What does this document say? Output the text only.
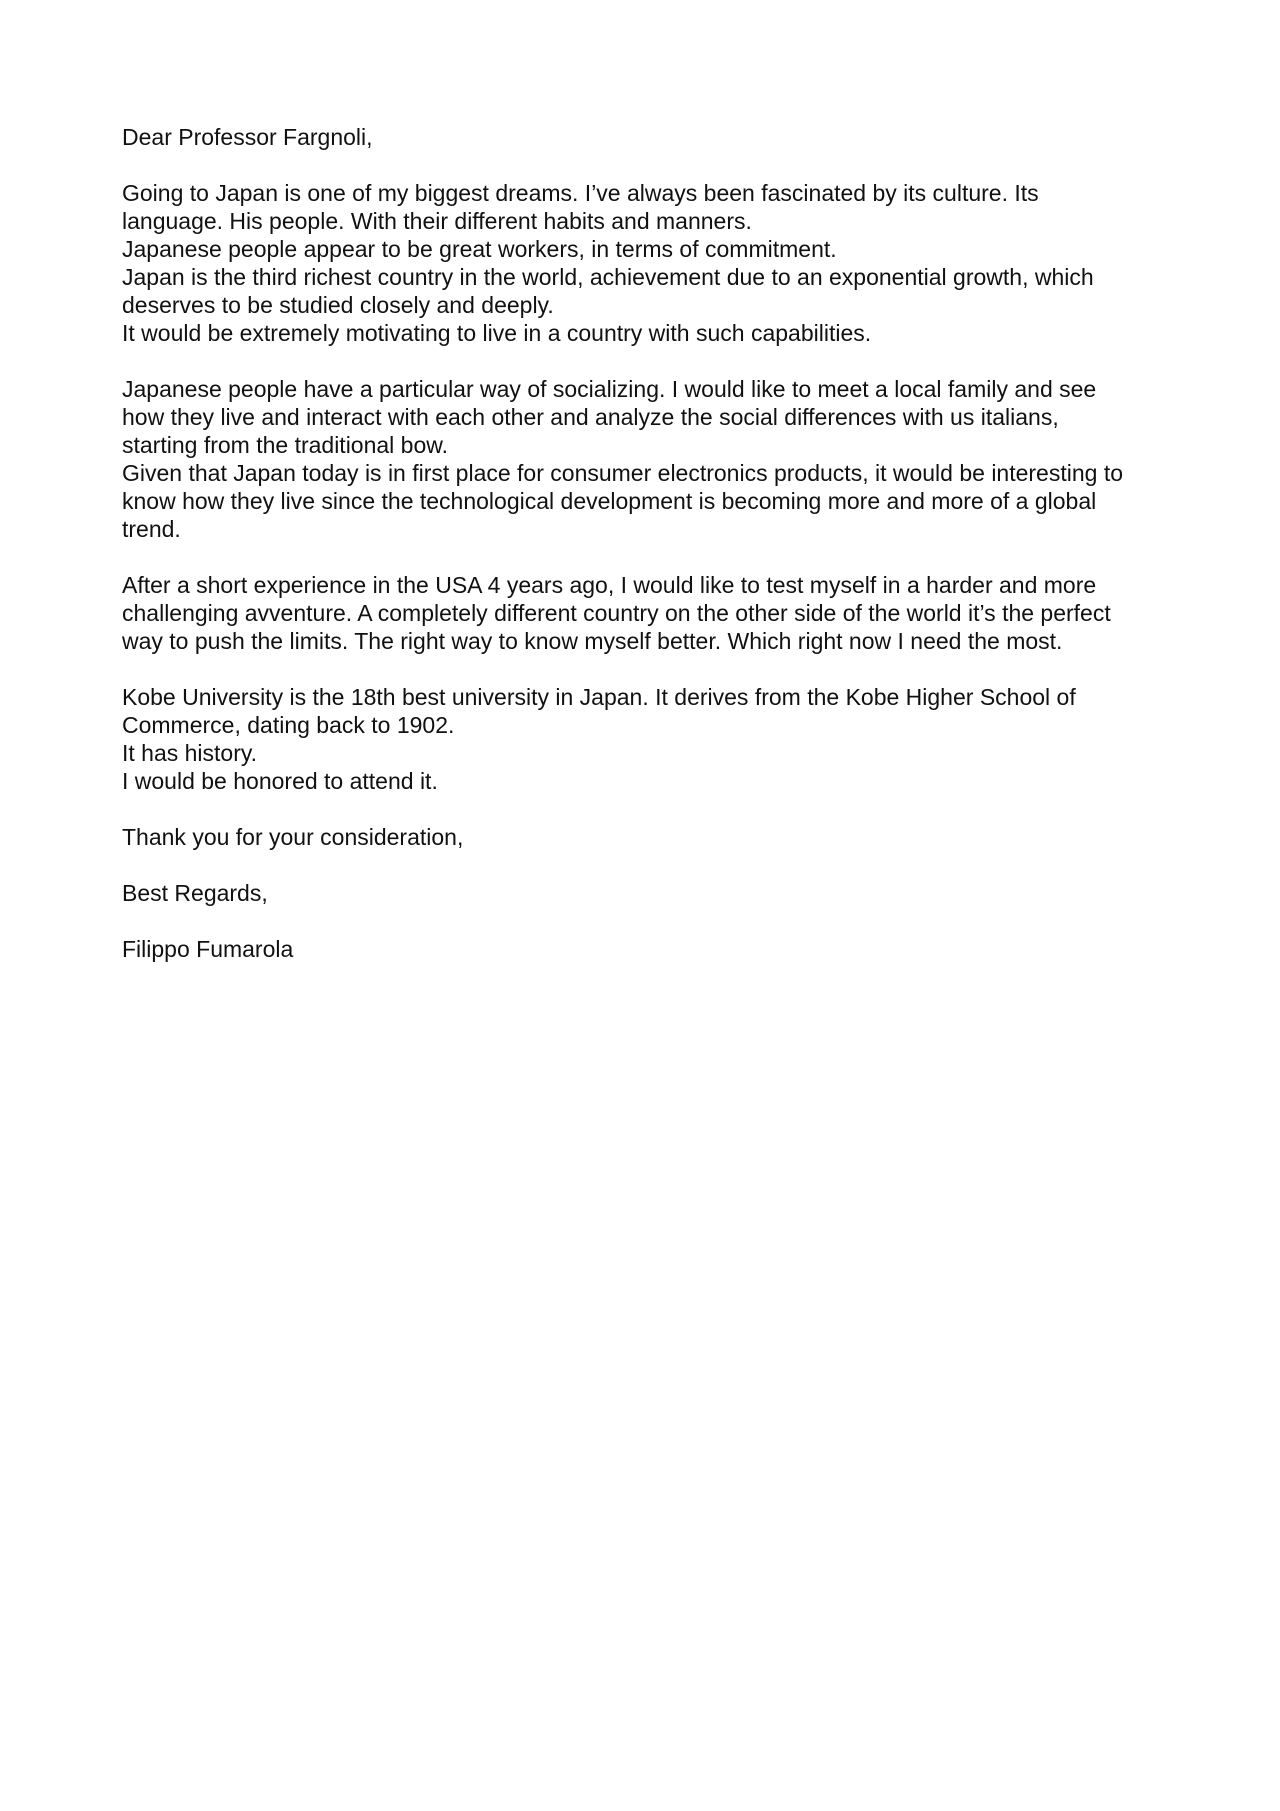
Dear Professor Fargnoli,

Going to Japan is one of my biggest dreams. I’ve always been fascinated by its culture. Its
language. His people. With their different habits and manners.
Japanese people appear to be great workers, in terms of commitment.
Japan is the third richest country in the world, achievement due to an exponential growth, which
deserves to be studied closely and deeply.
It would be extremely motivating to live in a country with such capabilities.

Japanese people have a particular way of socializing. I would like to meet a local family and see
how they live and interact with each other and analyze the social differences with us italians,
starting from the traditional bow.
Given that Japan today is in first place for consumer electronics products, it would be interesting to
know how they live since the technological development is becoming more and more of a global
trend.

After a short experience in the USA 4 years ago, I would like to test myself in a harder and more
challenging avventure. A completely different country on the other side of the world it’s the perfect
way to push the limits. The right way to know myself better. Which right now I need the most.

Kobe University is the 18th best university in Japan. It derives from the Kobe Higher School of
Commerce, dating back to 1902.
It has history.
I would be honored to attend it.

Thank you for your consideration,

Best Regards,

Filippo Fumarola
